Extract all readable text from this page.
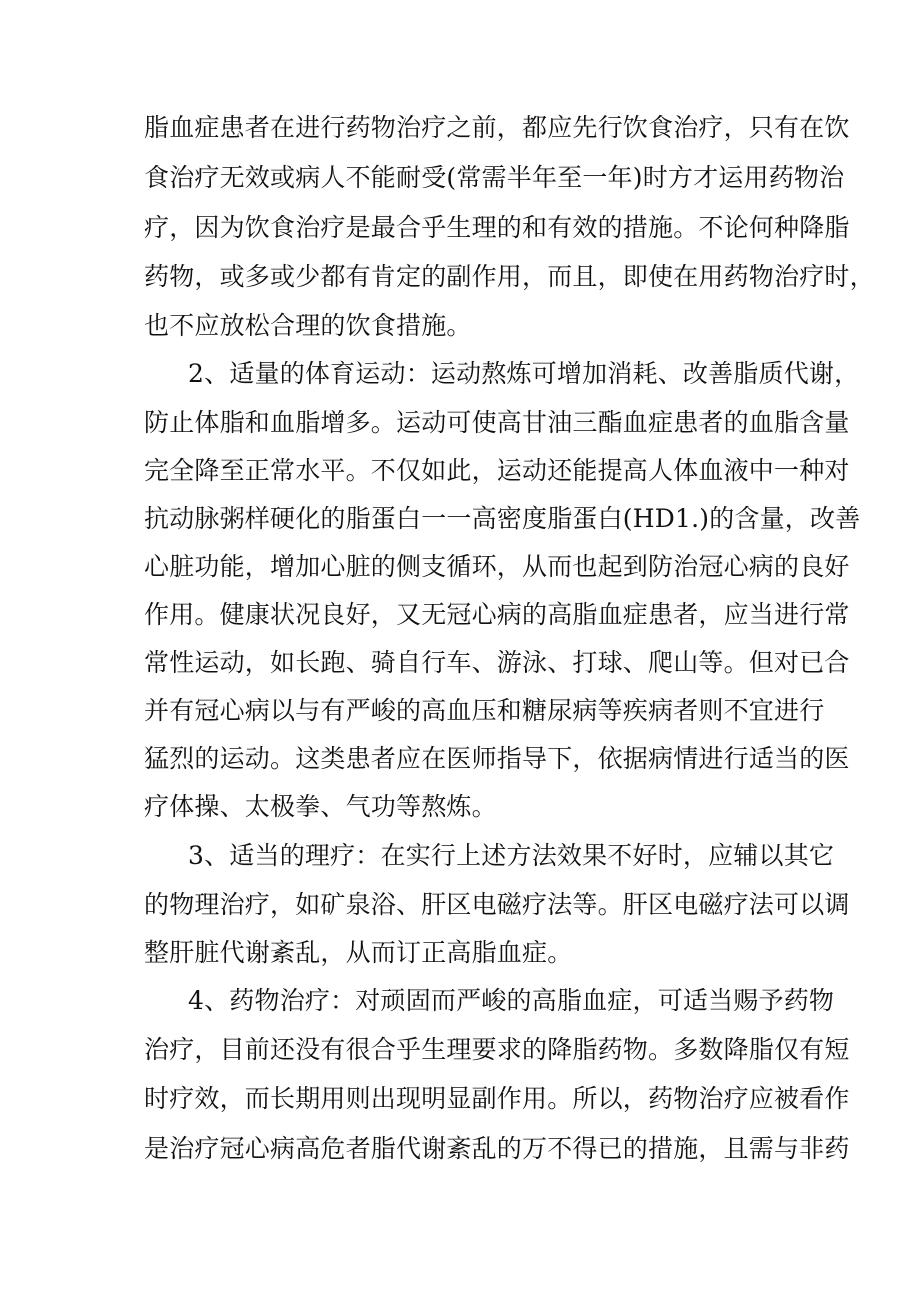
脂血症患者在进行药物治疗之前，都应先行饮食治疗，只有在饮
食治疗无效或病人不能耐受(常需半年至一年)时方才运用药物治
疗，因为饮食治疗是最合乎生理的和有效的措施。不论何种降脂
药物，或多或少都有肯定的副作用，而且，即使在用药物治疗时，
也不应放松合理的饮食措施。
2、适量的体育运动：运动熬炼可增加消耗、改善脂质代谢，
防止体脂和血脂增多。运动可使高甘油三酯血症患者的血脂含量
完全降至正常水平。不仅如此，运动还能提高人体血液中一种对
抗动脉粥样硬化的脂蛋白一一高密度脂蛋白(HD1.)的含量，改善
心脏功能，增加心脏的侧支循环，从而也起到防治冠心病的良好
作用。健康状况良好，又无冠心病的高脂血症患者，应当进行常
常性运动，如长跑、骑自行车、游泳、打球、爬山等。但对已合
并有冠心病以与有严峻的高血压和糖尿病等疾病者则不宜进行
猛烈的运动。这类患者应在医师指导下，依据病情进行适当的医
疗体操、太极拳、气功等熬炼。
3、适当的理疗：在实行上述方法效果不好时，应辅以其它
的物理治疗，如矿泉浴、肝区电磁疗法等。肝区电磁疗法可以调
整肝脏代谢紊乱，从而订正高脂血症。
4、药物治疗：对顽固而严峻的高脂血症，可适当赐予药物
治疗，目前还没有很合乎生理要求的降脂药物。多数降脂仅有短
时疗效，而长期用则出现明显副作用。所以，药物治疗应被看作
是治疗冠心病高危者脂代谢紊乱的万不得已的措施，且需与非药
